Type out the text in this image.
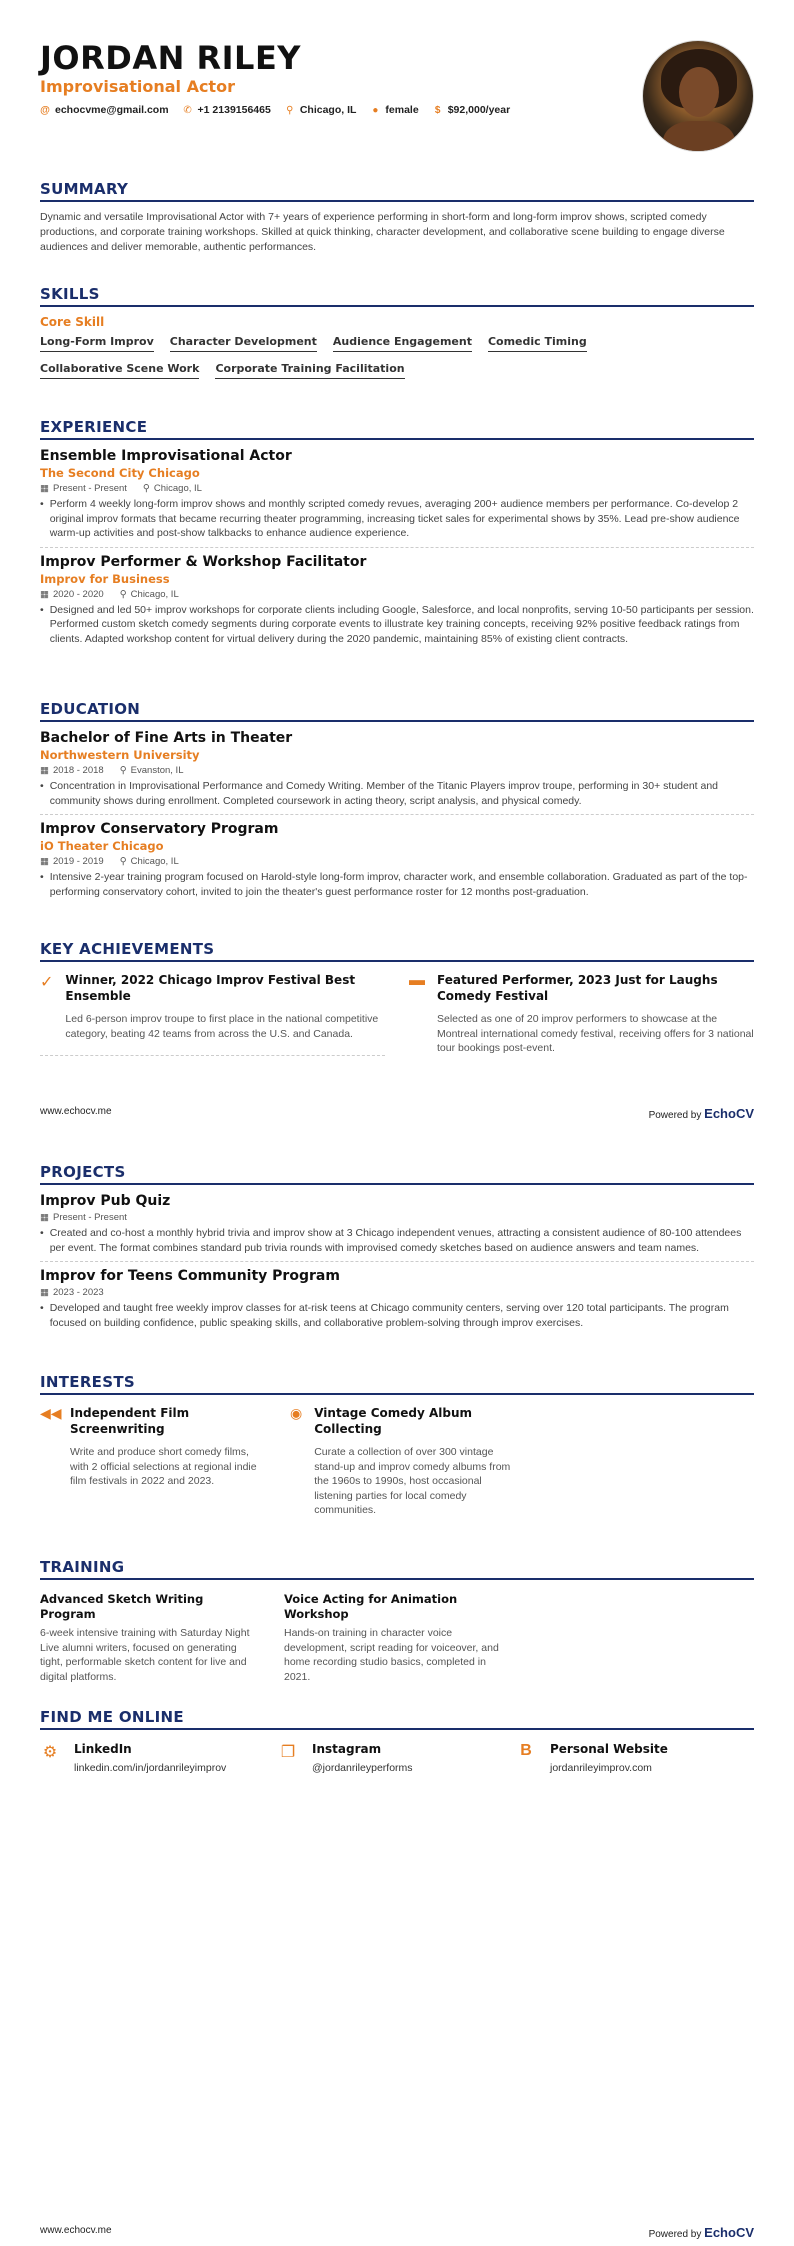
JORDAN RILEY
Improvisational Actor
@ echocvme@gmail.com ✆ +1 2139156465 ⚲ Chicago, IL ● female $ $92,000/year
SUMMARY
Dynamic and versatile Improvisational Actor with 7+ years of experience performing in short-form and long-form improv shows, scripted comedy productions, and corporate training workshops. Skilled at quick thinking, character development, and collaborative scene building to engage diverse audiences and deliver memorable, authentic performances.
SKILLS
Core Skill
Long-Form Improv Character Development Audience Engagement Comedic Timing
Collaborative Scene Work Corporate Training Facilitation
EXPERIENCE
Ensemble Improvisational Actor
The Second City Chicago
▦ Present - Present ⚲ Chicago, IL
• Perform 4 weekly long-form improv shows and monthly scripted comedy revues, averaging 200+ audience members per performance. Co-develop 2 original improv formats that became recurring theater programming, increasing ticket sales for experimental shows by 35%. Lead pre-show audience warm-up activities and post-show talkbacks to enhance audience experience.
Improv Performer & Workshop Facilitator
Improv for Business
▦ 2020 - 2020 ⚲ Chicago, IL
• Designed and led 50+ improv workshops for corporate clients including Google, Salesforce, and local nonprofits, serving 10-50 participants per session. Performed custom sketch comedy segments during corporate events to illustrate key training concepts, receiving 92% positive feedback ratings from clients. Adapted workshop content for virtual delivery during the 2020 pandemic, maintaining 85% of existing client contracts.
EDUCATION
Bachelor of Fine Arts in Theater
Northwestern University
▦ 2018 - 2018 ⚲ Evanston, IL
• Concentration in Improvisational Performance and Comedy Writing. Member of the Titanic Players improv troupe, performing in 30+ student and community shows during enrollment. Completed coursework in acting theory, script analysis, and physical comedy.
Improv Conservatory Program
iO Theater Chicago
▦ 2019 - 2019 ⚲ Chicago, IL
• Intensive 2-year training program focused on Harold-style long-form improv, character work, and ensemble collaboration. Graduated as part of the top-performing conservatory cohort, invited to join the theater's guest performance roster for 12 months post-graduation.
KEY ACHIEVEMENTS
✓ Winner, 2022 Chicago Improv Festival Best Ensemble
Led 6-person improv troupe to first place in the national competitive category, beating 42 teams from across the U.S. and Canada.
▬ Featured Performer, 2023 Just for Laughs Comedy Festival
Selected as one of 20 improv performers to showcase at the Montreal international comedy festival, receiving offers for 3 national tour bookings post-event.
www.echocv.me	Powered by EchoCV
PROJECTS
Improv Pub Quiz
▦ Present - Present
• Created and co-host a monthly hybrid trivia and improv show at 3 Chicago independent venues, attracting a consistent audience of 80-100 attendees per event. The format combines standard pub trivia rounds with improvised comedy sketches based on audience answers and team names.
Improv for Teens Community Program
▦ 2023 - 2023
• Developed and taught free weekly improv classes for at-risk teens at Chicago community centers, serving over 120 total participants. The program focused on building confidence, public speaking skills, and collaborative problem-solving through improv exercises.
INTERESTS
◀◀ Independent Film Screenwriting
Write and produce short comedy films, with 2 official selections at regional indie film festivals in 2022 and 2023.
◉ Vintage Comedy Album Collecting
Curate a collection of over 300 vintage stand-up and improv comedy albums from the 1960s to 1990s, host occasional listening parties for local comedy communities.
TRAINING
Advanced Sketch Writing Program
6-week intensive training with Saturday Night Live alumni writers, focused on generating tight, performable sketch content for live and digital platforms.
Voice Acting for Animation Workshop
Hands-on training in character voice development, script reading for voiceover, and home recording studio basics, completed in 2021.
FIND ME ONLINE
⚙ LinkedIn
linkedin.com/in/jordanrileyimprov
❐ Instagram
@jordanrileyperforms
B	Personal Website
jordanrileyimprov.com
www.echocv.me	Powered by EchoCV
